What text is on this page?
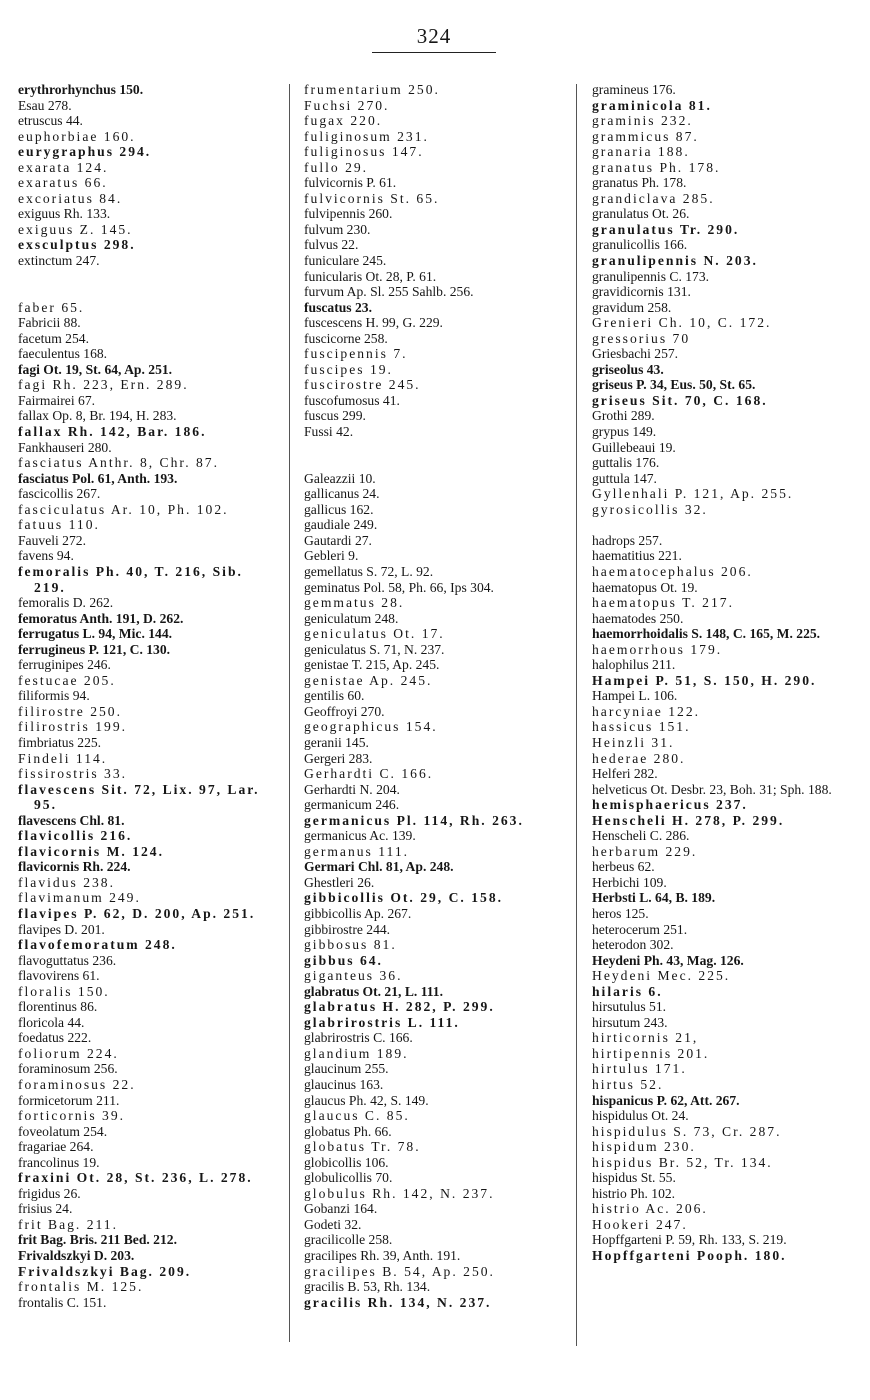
324
erythrorhynchus 150.
Esau 278.
etruscus 44.
euphorbiae 160.
eurygraphus 294.
exarata 124.
exaratus 66.
excoriatus 84.
exiguus Rh. 133.
exiguus Z. 145.
exsculptus 298.
extinctum 247.
faber 65.
Fabricii 88.
facetum 254.
faeculentus 168.
fagi Ot. 19, St. 64, Ap. 251.
fagi Rh. 223, Ern. 289.
Fairmairei 67.
fallax Op. 8, Br. 194, H. 283.
fallax Rh. 142, Bar. 186.
Fankhauseri 280.
fasciatus Anthr. 8, Chr. 87.
fasciatus Pol. 61, Anth. 193.
fascicollis 267.
fasciculatus Ar. 10, Ph. 102.
fatuus 110.
Fauveli 272.
favens 94.
femoralis Ph. 40, T. 216, Sib. 219.
femoralis D. 262.
femoratus Anth. 191, D. 262.
ferrugatus L. 94, Mic. 144.
ferrugineus P. 121, C. 130.
ferruginipes 246.
festucae 205.
filiformis 94.
filirostre 250.
filirostris 199.
fimbriatus 225.
Findeli 114.
fissirostris 33.
flavescens Sit. 72, Lix. 97, Lar. 95.
flavescens Chl. 81.
flavicollis 216.
flavicornis M. 124.
flavicornis Rh. 224.
flavidus 238.
flavimanum 249.
flavipes P. 62, D. 200, Ap. 251.
flavipes D. 201.
flavofemoratum 248.
flavoguttatus 236.
flavovirens 61.
floralis 150.
florentinus 86.
floricola 44.
foedatus 222.
foliorum 224.
foraminosum 256.
foraminosus 22.
formicetorum 211.
forticornis 39.
foveolatum 254.
fragariae 264.
francolinus 19.
fraxini Ot. 28, St. 236, L. 278.
frigidus 26.
frisius 24.
frit Bag. 211.
frit Bag. Bris. 211 Bed. 212.
Frivaldszkyi D. 203.
Frivaldszkyi Bag. 209.
frontalis M. 125.
frontalis C. 151.
frumentarium 250.
Fuchsi 270.
fugax 220.
fuliginosum 231.
fuliginosus 147.
fullo 29.
fulvicornis P. 61.
fulvicornis St. 65.
fulvipennis 260.
fulvum 230.
fulvus 22.
funiculare 245.
funicularis Ot. 28, P. 61.
furvum Ap. Sl. 255 Sahlb. 256.
fuscatus 23.
fuscescens H. 99, G. 229.
fuscicorne 258.
fuscipennis 7.
fuscipes 19.
fuscirostre 245.
fuscofumosus 41.
fuscus 299.
Fussi 42.
Galeazzii 10.
gallicanus 24.
gallicus 162.
gaudiale 249.
Gautardi 27.
Gebleri 9.
gemellatus S. 72, L. 92.
geminatus Pol. 58, Ph. 66, Ips 304.
gemmatus 28.
geniculatum 248.
geniculatus Ot. 17.
geniculatus S. 71, N. 237.
genistae T. 215, Ap. 245.
genistae Ap. 245.
gentilis 60.
Geoffroyi 270.
geographicus 154.
geranii 145.
Gergeri 283.
Gerhardti C. 166.
Gerhardti N. 204.
germanicum 246.
germanicus Pl. 114, Rh. 263.
germanicus Ac. 139.
germanus 111.
Germari Chl. 81, Ap. 248.
Ghestleri 26.
gibbicollis Ot. 29, C. 158.
gibbicollis Ap. 267.
gibbirostre 244.
gibbosus 81.
gibbus 64.
giganteus 36.
glabratus Ot. 21, L. 111.
glabratus H. 282, P. 299.
glabrirostris L. 111.
glabrirostris C. 166.
glandium 189.
glaucinum 255.
glaucinus 163.
glaucus Ph. 42, S. 149.
glaucus C. 85.
globatus Ph. 66.
globatus Tr. 78.
globicollis 106.
globulicollis 70.
globulus Rh. 142, N. 237.
Gobanzi 164.
Godeti 32.
gracilicolle 258.
gracilipes Rh. 39, Anth. 191.
gracilipes B. 54, Ap. 250.
gracilis B. 53, Rh. 134.
gracilis Rh. 134, N. 237.
gramineus 176.
graminicola 81.
graminis 232.
grammicus 87.
granaria 188.
granatus Ph. 178.
granatus Ph. 178.
grandiclava 285.
granulatus Ot. 26.
granulatus Tr. 290.
granulicollis 166.
granulipennis N. 203.
granulipennis C. 173.
gravidicornis 131.
gravidum 258.
Grenieri Ch. 10, C. 172.
gressorius 70
Griesbachi 257.
griseolus 43.
griseus P. 34, Eus. 50, St. 65.
griseus Sit. 70, C. 168.
Grothi 289.
grypus 149.
Guillebeaui 19.
guttalis 176.
guttula 147.
Gyllenhali P. 121, Ap. 255.
gyrosicollis 32.
hadrops 257.
haematitius 221.
haematocephalus 206.
haematopus Ot. 19.
haematopus T. 217.
haematodes 250.
haemorrhoidalis S. 148, C. 165, M. 225.
haemorrhous 179.
halophilus 211.
Hampei P. 51, S. 150, H. 290.
Hampei L. 106.
harcyniae 122.
hassicus 151.
Heinzli 31.
hederae 280.
Helferi 282.
helveticus Ot. Desbr. 23, Boh. 31; Sph. 188.
hemisphaericus 237.
Henscheli H. 278, P. 299.
Henscheli C. 286.
herbarum 229.
herbeus 62.
Herbichi 109.
Herbsti L. 64, B. 189.
heros 125.
heterocerum 251.
heterodon 302.
Heydeni Ph. 43, Mag. 126.
Heydeni Mec. 225.
hilaris 6.
hirsutulus 51.
hirsutum 243.
hirticornis 21,
hirtipennis 201.
hirtulus 171.
hirtus 52.
hispanicus P. 62, Att. 267.
hispidulus Ot. 24.
hispidulus S. 73, Cr. 287.
hispidum 230.
hispidus Br. 52, Tr. 134.
hispidus St. 55.
histrio Ph. 102.
histrio Ac. 206.
Hookeri 247.
Hopffgarteni P. 59, Rh. 133, S. 219.
Hopffgarteni Pooph. 180.
